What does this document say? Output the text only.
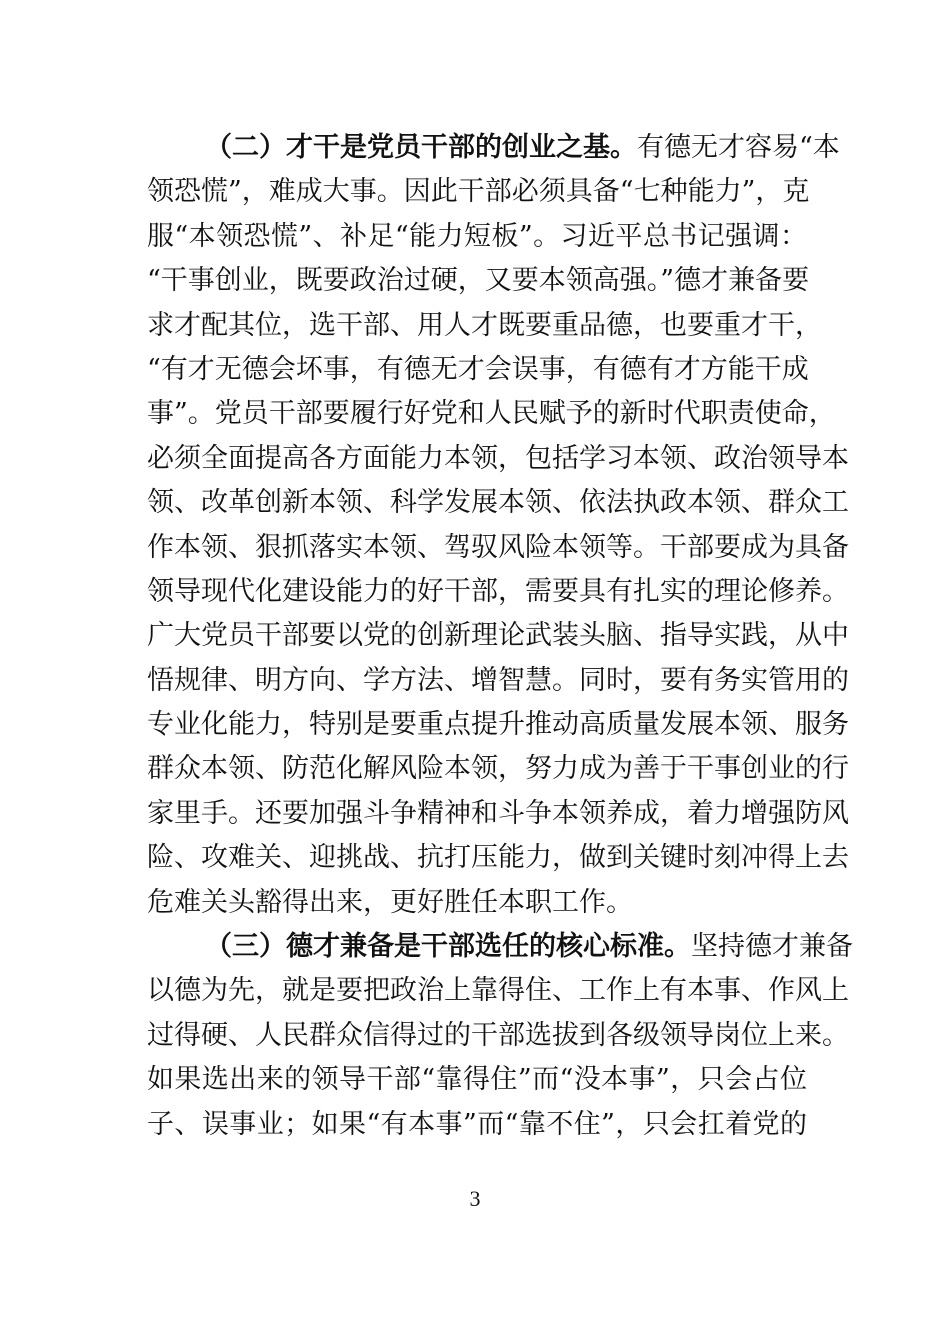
（二）才干是党员干部的创业之基。有德无才容易“本
领恐慌”，难成大事。因此干部必须具备“七种能力”，克
服“本领恐慌”、补足“能力短板”。习近平总书记强调：
“干事创业，既要政治过硬，又要本领高强。”德才兼备要
求才配其位，选干部、用人才既要重品德，也要重才干，
“有才无德会坏事，有德无才会误事，有德有才方能干成
事”。党员干部要履行好党和人民赋予的新时代职责使命，
必须全面提高各方面能力本领，包括学习本领、政治领导本
领、改革创新本领、科学发展本领、依法执政本领、群众工
作本领、狠抓落实本领、驾驭风险本领等。干部要成为具备
领导现代化建设能力的好干部，需要具有扎实的理论修养。
广大党员干部要以党的创新理论武装头脑、指导实践，从中
悟规律、明方向、学方法、增智慧。同时，要有务实管用的
专业化能力，特别是要重点提升推动高质量发展本领、服务
群众本领、防范化解风险本领，努力成为善于干事创业的行
家里手。还要加强斗争精神和斗争本领养成，着力增强防风
险、攻难关、迎挑战、抗打压能力，做到关键时刻冲得上去
危难关头豁得出来，更好胜任本职工作。
（三）德才兼备是干部选任的核心标准。坚持德才兼备
以德为先，就是要把政治上靠得住、工作上有本事、作风上
过得硬、人民群众信得过的干部选拔到各级领导岗位上来。
如果选出来的领导干部“靠得住”而“没本事”，只会占位
子、误事业；如果“有本事”而“靠不住”，只会扛着党的
3
